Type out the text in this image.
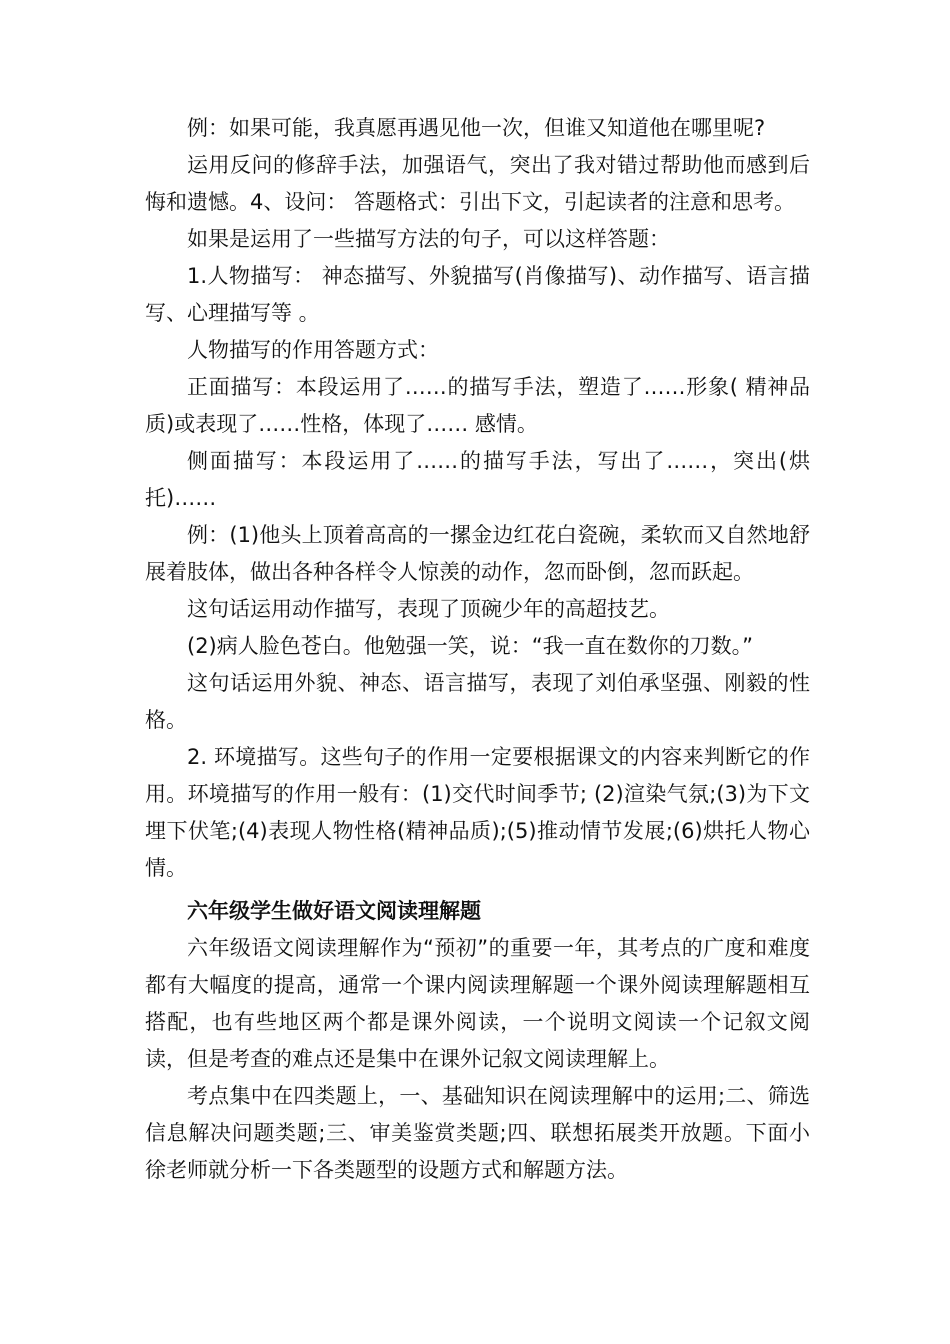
例：如果可能，我真愿再遇见他一次，但谁又知道他在哪里呢?

运用反问的修辞手法，加强语气，突出了我对错过帮助他而感到后悔和遗憾。4、设问： 答题格式：引出下文，引起读者的注意和思考。

如果是运用了一些描写方法的句子，可以这样答题：

1.人物描写： 神态描写、外貌描写(肖像描写)、动作描写、语言描写、心理描写等 。

人物描写的作用答题方式：

正面描写：本段运用了……的描写手法，塑造了……形象( 精神品质)或表现了……性格，体现了…… 感情。

侧面描写：本段运用了……的描写手法，写出了……，突出(烘托)……

例：(1)他头上顶着高高的一摞金边红花白瓷碗，柔软而又自然地舒展着肢体，做出各种各样令人惊羡的动作，忽而卧倒，忽而跃起。

这句话运用动作描写，表现了顶碗少年的高超技艺。

(2)病人脸色苍白。他勉强一笑，说：“我一直在数你的刀数。”

这句话运用外貌、神态、语言描写，表现了刘伯承坚强、刚毅的性格。

2. 环境描写。这些句子的作用一定要根据课文的内容来判断它的作用。环境描写的作用一般有：(1)交代时间季节; (2)渲染气氛;(3)为下文埋下伏笔;(4)表现人物性格(精神品质);(5)推动情节发展;(6)烘托人物心情。

六年级学生做好语文阅读理解题

六年级语文阅读理解作为“预初”的重要一年，其考点的广度和难度都有大幅度的提高，通常一个课内阅读理解题一个课外阅读理解题相互搭配，也有些地区两个都是课外阅读，一个说明文阅读一个记叙文阅读，但是考查的难点还是集中在课外记叙文阅读理解上。

考点集中在四类题上，一、基础知识在阅读理解中的运用;二、筛选信息解决问题类题;三、审美鉴赏类题;四、联想拓展类开放题。下面小徐老师就分析一下各类题型的设题方式和解题方法。
